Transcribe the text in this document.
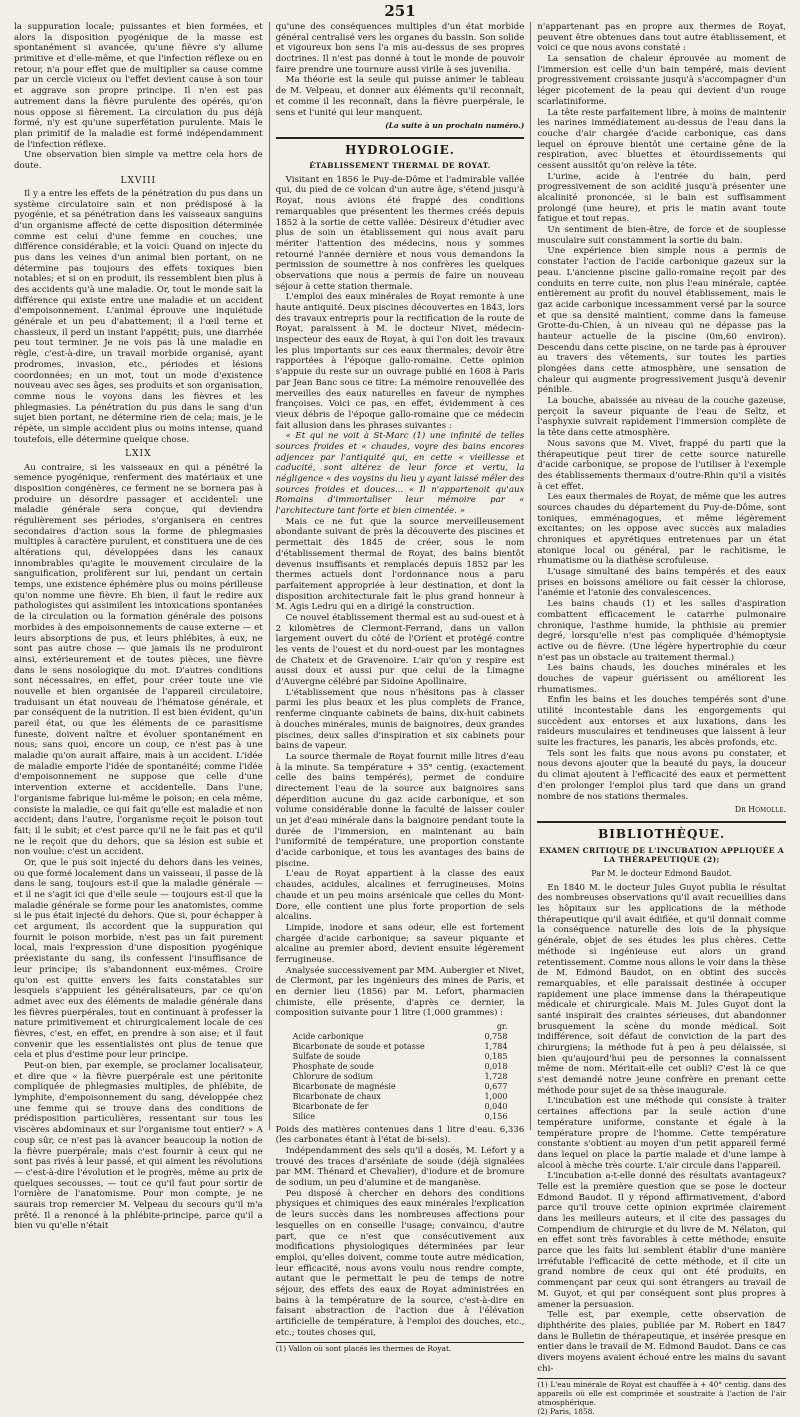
251

la suppuration locale; puissantes et bien formées, et alors la disposition pyogénique de la masse est spontanément si avancée, qu'une fièvre s'y allume primitive et d'elle-même, et que l'infection réflexe ou en retour, n'a pour effet que de multiplier sa cause comme par un cercle vicieux ou l'effet devient cause à son tour et aggrave son propre principe. Il n'en est pas autrement dans la fièvre purulente des opérés, qu'on nous oppose si fièrement. La circulation du pus déjà formé, n'y est qu'une superfétation purulente. Mais le plan primitif de la maladie est formé indépendamment de l'infection réflexe.

Une observation bien simple va mettre cela hors de doute.

LXVIII

Il y a entre les effets de la pénétration du pus dans un système circulatoire sain et non prédisposé à la pyogénie, et sa pénétration dans les vaisseaux sanguins d'un organisme affecté de cette disposition déterminée comme est celui d'une femme en couches, une différence considérable, et la voici: Quand on injecte du pus dans les veines d'un animal bien portant, on ne détermine pas toujours des effets toxiques bien notables; et si on en produit, ils ressemblent bien plus à des accidents qu'à une maladie. Or, tout le monde sait la différence qui existe entre une maladie et un accident d'empoisonnement. L'animal éprouve une inquiétude générale et un peu d'abattement; il a l'œil terne et chassieux, il perd un instant l'appétit; puis, une diarrhée peu tout terminer. Je ne vois pas là une maladie en règle, c'est-à-dire, un travail morbide organisé, ayant prodromes, invasion, etc., périodes et lésions coordonnées; en un mot, tout un mode d'existence nouveau avec ses âges, ses produits et son organisation, comme nous le voyons dans les fièvres et les phlegmasies. La pénétration du pus dans le sang d'un sujet bien portant, ne détermine rien de cela; mais, je le répète, un simple accident plus ou moins intense, quand toutefois, elle détermine quelque chose.

LXIX

Au contraire, si les vaisseaux en qui a pénétré la semence pyogénique, renferment des matériaux et une disposition congénères, ce ferment ne se bornera pas à produire un désordre passager et accidentel: une maladie générale sera conçue, qui deviendra régulièrement ses périodes, s'organisera en centres secondaires d'action sous la forme de phlegmasies multiples à caractère purulent, et constituera une de ces altérations qui, développées dans les canaux innombrables qu'agite le mouvement circulaire de la sanguification, prolifèrent sur lui, pendant un certain temps, une existence éphémère plus ou moins périlleuse qu'on nomme une fièvre. Eh bien, il faut le redire aux pathologistes qui assimilent les intoxications spontanées de la circulation ou la formation générale des poisons morbides à des empoisonnements de cause externe — et leurs absorptions de pus, et leurs phlébites, à eux, ne sont pas autre chose — que jamais ils ne produiront ainsi, extérieurement et de toutes pièces, une fièvre dans le sens nosologique du mot. D'autres conditions sont nécessaires, en effet, pour créer toute une vie nouvelle et bien organisée de l'appareil circulatoire, traduisant un état nouveau de l'hématose générale, et par conséquent de la nutrition. Il est bien évident, qu'un pareil état, ou que les éléments de ce parasitisme funeste, doivent naître et évoluer spontanément en nous; sans quoi, encore un coup, ce n'est pas à une maladie qu'on aurait affaire, mais à un accident. L'idée de maladie emporte l'idée de spontanéité; comme l'idée d'empoisonnement ne suppose que celle d'une intervention externe et accidentelle. Dans l'une, l'organisme fabrique lui-même le poison; en cela même, consiste la maladie, ce qui fait qu'elle est maladie et non accident; dans l'autre, l'organisme reçoit le poison tout fait; il le subit; et c'est parce qu'il ne le fait pas et qu'il ne le reçoit que du dehors, que sa lésion est subie et non voulue: c'est un accident.

Or, que le pus soit injecté du dehors dans les veines, ou que formé localement dans un vaisseau, il passe de là dans le sang, toujours est-il que la maladie générale — et il ne s'agit ici que d'elle seule — toujours est-il que la maladie générale se forme pour les anatomistes, comme si le pus était injecté du dehors. Que si, pour échapper à cet argument, ils accordent que la suppuration qui fournit le poison morbide, n'est pas un fait purement local, mais l'expression d'une disposition pyogénique préexistante du sang, ils confessent l'insuffisance de leur principe; ils s'abandonnent eux-mêmes. Croire qu'on est quitte envers les faits constatables sur lesquels s'appuient les généralisateurs, par ce qu'on admet avec eux des éléments de maladie générale dans les fièvres puerpérales, tout en continuant à professer la nature primitivement et chirurgicalement locale de ces fièvres, c'est, en effet, en prendre à son aise; et il faut convenir que les essentialistes ont plus de tenue que cela et plus d'estime pour leur principe.

Peut-on bien, par exemple, se proclamer localisateur, et dire que « la fièvre puerpérale est une péritonite compliquée de phlegmasies multiples, de phlébite, de lymphite, d'empoisonnement du sang, développée chez une femme qui se trouve dans des conditions de prédisposition particulières, ressentant sur tous les viscères abdominaux et sur l'organisme tout entier? » A coup sûr, ce n'est pas là avancer beaucoup la notion de la fièvre puerpérale; mais c'est fournir à ceux qui ne sont pas rivés à leur passé, et qui aiment les révolutions — c'est-à-dire l'évolution et le progrès, même au prix de quelques secousses, — tout ce qu'il faut pour sortir de l'ornière de l'anatomisme. Pour mon compte, je ne saurais trop remercier M. Velpeau du secours qu'il m'a prêté. Il a renoncé à la phlébite-principe, parce qu'il a bien vu qu'elle n'était

qu'une des conséquences multiples d'un état morbide général centralisé vers les organes du bassin. Son solide et vigoureux bon sens l'a mis au-dessus de ses propres doctrines. Il n'est pas donné à tout le monde de pouvoir faire prendre une tournure aussi virile à ses juvenilia.

Ma théorie est la seule qui puisse animer le tableau de M. Velpeau, et donner aux éléments qu'il reconnaît, et comme il les reconnaît, dans la fièvre puerpérale, le sens et l'unité qui leur manquent.

(La suite à un prochain numéro.)
HYDROLOGIE.
ÉTABLISSEMENT THERMAL DE ROYAT.

Visitant en 1856 le Puy-de-Dôme et l'admirable vallée qui, du pied de ce volcan d'un autre âge, s'étend jusqu'à Royat, nous avions été frappé des conditions remarquables que présentent les thermes créés depuis 1852 à la sortie de cette vallée. Désireux d'étudier avec plus de soin un établissement qui nous avait paru mériter l'attention des médecins, nous y sommes retourné l'année dernière et nous vous demandons la permission de soumettre à nos confrères les quelques observations que nous a permis de faire un nouveau séjour à cette station thermale.

L'emploi des eaux minérales de Royat remonte à une haute antiquité. Deux piscines découvertes en 1843, lors des travaux entrepris pour la rectification de la route de Royat, paraissent à M. le docteur Nivet, médecin-inspecteur des eaux de Royat, à qui l'on doit les travaux les plus importants sur ces eaux thermales, devoir être rapportées à l'époque gallo-romaine. Cette opinion s'appuie du reste sur un ouvrage publié en 1608 à Paris par Jean Banc sous ce titre: La mémoire renouvellée des merveilles des eaux naturelles en faveur de nymphes françoises. Voici ce pas, en effet, évidemment à ces vieux débris de l'époque gallo-romaine que ce médecin fait allusion dans les phrases suivantes :

« Et qui ne voit à St-Marc (1) une infinité de telles sources froides et « chaudes, voyre des bains encores adjencez par l'antiquité qui, en cette « vieillesse et caducité, sont altérez de leur force et vertu, la négligence « des voysins du lieu y ayant laissé mêler des sources froides et douces... « Il n'appartenoit qu'aux Romains d'immortaliser leur mémoire par « l'architecture tant forte et bien cimentée. »

Mais ce ne fut que la source merveilleusement abondante suivant de près la découverte des piscines et permettait dès 1845 de créer, sous le nom d'établissement thermal de Royat, des bains bientôt devenus insuffisants et remplacés depuis 1852 par les thermes actuels dont l'ordonnance nous a paru parfaitement appropriée à leur destination, et dont la disposition architecturale fait le plus grand honneur à M. Agis Ledru qui en a dirigé la construction.

Ce nouvel établissement thermal est au sud-ouest et à 2 kilomètres de Clermont-Ferrand, dans un vallon largement ouvert du côté de l'Orient et protégé contre les vents de l'ouest et du nord-ouest par les montagnes de Chateix et de Gravenoire. L'air qu'on y respire est aussi doux et aussi pur que celui de la Limagne d'Auvergne célébré par Sidoine Apollinaire.

L'établissement que nous n'hésitons pas à classer parmi les plus beaux et les plus complets de France, renferme cinquante cabinets de bains, dix-huit cabinets à douches minérales, munis de baignoires, deux grandes piscines, deux salles d'inspiration et six cabinets pour bains de vapeur.

La source thermale de Royat fournit mille litres d'eau à la minute. Sa température + 35° centig. (exactement celle des bains tempérés), permet de conduire directement l'eau de la source aux baignoires sans déperdition aucune du gaz acide carbonique, et son volume considérable donne la faculté de laisser couler un jet d'eau minérale dans la baignoire pendant toute la durée de l'immersion, en maintenant au bain l'uniformité de température, une proportion constante d'acide carbonique, et tous les avantages des bains de piscine.

L'eau de Royat appartient à la classe des eaux chaudes, acidules, alcalines et ferrugineuses. Moins chaude et un peu moins arsénicale que celles du Mont-Dore, elle contient une plus forte proportion de sels alcalins.

Limpide, inodore et sans odeur, elle est fortement chargée d'acide carbonique; sa saveur piquante et alcaline au premier abord, devient ensuite légèrement ferrugineuse.

Analysée successivement par MM. Aubergier et Nivet, de Clermont, par les ingénieurs des mines de Paris, et en dernier lieu (1856) par M. Lefort, pharmacien chimiste, elle présente, d'après ce dernier, la composition suivante pour 1 litre (1,000 grammes) :

	gr.
Acide carbonique	0,758
Bicarbonate de soude et potasse	1,784
Sulfate de soude	0,185
Phosphate de soude	0,018
Chlorure de sodium	1,728
Bicarbonate de magnésie	0,677
Bicarbonate de chaux	1,000
Bicarbonate de fer	0,040
Silice	0,156

Poids des matières contenues dans 1 litre d'eau. 6,336 (les carbonates étant à l'état de bi-sels).

Indépendamment des sels qu'il a dosés, M. Lefort y a trouvé des traces d'arséniate de soude (déjà signalées par MM. Thénard et Chevalier), d'iodure et de bromure de sodium, un peu d'alumine et de manganèse.

Peu disposé à chercher en dehors des conditions physiques et chimiques des eaux minérales l'explication de leurs succès dans les nombreuses affections pour lesquelles on en conseille l'usage; convaincu, d'autre part, que ce n'est que consécutivement aux modifications physiologiques déterminées par leur emploi, qu'elles doivent, comme toute autre médication, leur efficacité, nous avons voulu nous rendre compte, autant que le permettait le peu de temps de notre séjour, des effets des eaux de Royat administrées en bains à la température de la source, c'est-à-dire en faisant abstraction de l'action due à l'élévation artificielle de température, à l'emploi des douches, etc., etc.; toutes choses qui,

(1) Vallon où sont placés les thermes de Royat.

n'appartenant pas en propre aux thermes de Royat, peuvent être obtenues dans tout autre établissement, et voici ce que nous avons constaté :

La sensation de chaleur éprouvée au moment de l'immersion est celle d'un bain tempéré, mais devient progressivement croissante jusqu'à s'accompagner d'un léger picotement de la peau qui devient d'un rouge scarlatiniforme.

La tête reste parfaitement libre, à moins de maintenir les narines immédiatement au-dessus de l'eau dans la couche d'air chargée d'acide carbonique, cas dans lequel on éprouve bientôt une certaine gêne de la respiration, avec bluettes et étourdissements qui cessent aussitôt qu'on relève la tête.

L'urine, acide à l'entrée du bain, perd progressivement de son acidité jusqu'à présenter une alcalinité prononcée, si le bain est suffisamment prolongé (une heure), et pris le matin avant toute fatigue et tout repas.

Un sentiment de bien-être, de force et de souplesse musculaire suit constamment la sortie du bain.

Une expérience bien simple nous a permis de constater l'action de l'acide carbonique gazeux sur la peau. L'ancienne piscine gallo-romaine reçoit par des conduits en terre cuite, non plus l'eau minérale, captée entièrement au profit du nouvel établissement, mais le gaz acide carbonique incessamment versé par la source et que sa densité maintient, comme dans la fameuse Grotte-du-Chien, à un niveau qui ne dépasse pas la hauteur actuelle de la piscine (0m,60 environ). Descendu dans cette piscine, on ne tarde pas à éprouver au travers des vêtements, sur toutes les parties plongées dans cette atmosphère, une sensation de chaleur qui augmente progressivement jusqu'à devenir pénible.

La bouche, abaissée au niveau de la couche gazeuse, perçoit la saveur piquante de l'eau de Seltz, et l'asphyxie suivrait rapidement l'immersion complète de la tête dans cette atmosphère.

Nous savons que M. Vivet, frappé du parti que la thérapeutique peut tirer de cette source naturelle d'acide carbonique, se propose de l'utiliser à l'exemple des établissements thermaux d'outre-Rhin qu'il a visités à cet effet.

Les eaux thermales de Royat, de même que les autres sources chaudes du département du Puy-de-Dôme, sont toniques, emménagogues, et même légèrement excitantes; on les oppose avec succès aux maladies chroniques et apyrétiques entretenues par un état atonique local ou général, par le rachitisme, le rhumatisme ou la diathèse scrofuleuse.

L'usage simultané des bains tempérés et des eaux prises en boissons améliore ou fait cesser la chlorose, l'anémie et l'atonie des convalescences.

Les bains chauds (1) et les salles d'aspiration combattent efficacement le catarrhe pulmonaire chronique, l'asthme humide, la phthisie au premier degré, lorsqu'elle n'est pas compliquée d'hémoptysie active ou de fièvre. (Une légère hypertrophie du cœur n'est pas un obstacle au traitement thermal.)

Les bains chauds, les douches minérales et les douches de vapeur guérissent ou améliorent les rhumatismes.

Enfin les bains et les douches tempérés sont d'une utilité incontestable dans les engorgements qui succèdent aux entorses et aux luxations, dans les raideurs musculaires et tendineuses que laissent à leur suite les fractures, les panaris, les abcès profonds, etc.

Tels sont les faits que nous avons pu constater, et nous devons ajouter que la beauté du pays, la douceur du climat ajoutent à l'efficacité des eaux et permettent d'en prolonger l'emploi plus tard que dans un grand nombre de nos stations thermales.

Dr Homolle.
BIBLIOTHÈQUE.
EXAMEN CRITIQUE DE L'INCUBATION APPLIQUÉE A LA THÉRAPEUTIQUE (2);
Par M. le docteur Edmond Baudot.

En 1840 M. le docteur Jules Guyot publia le résultat des nombreuses observations qu'il avait recueillies dans les hôpitaux sur les applications de la méthode thérapeutique qu'il avait édifiée, et qu'il donnait comme la conséquence naturelle des lois de la physique générale, objet de ses études les plus chères. Cette méthode si ingénieuse eut alors un grand retentissement. Comme nous allons le voir dans la thèse de M. Edmond Baudot, on en obtint des succès remarquables, et elle paraissait destinée à occuper rapidement une place immense dans la thérapeutique médicale et chirurgicale. Mais M. Jules Guyot dont la santé inspirait des craintes sérieuses, dut abandonner brusquement la scène du monde médical. Soit indifférence, soit défaut de conviction de la part des chirurgiens; la méthode fut à peu à peu délaissée, si bien qu'aujourd'hui peu de personnes la connaissent même de nom. Méritait-elle cet oubli? C'est là ce que s'est demandé notre jeune confrère en prenant cette méthode pour sujet de sa thèse inaugurale.

L'incubation est une méthode qui consiste à traiter certaines affections par la seule action d'une température uniforme, constante et égale à la température propre de l'homme. Cette température constante s'obtient au moyen d'un petit appareil fermé dans lequel on place la partie malade et d'une lampe à alcool à mèche très courte. L'air circule dans l'appareil.

L'incubation a-t-elle donné des résultats avantageux? Telle est la première question que se pose le docteur Edmond Baudot. Il y répond affirmativement, d'abord parce qu'il trouve cette opinion exprimée clairement dans les meilleurs auteurs, et il cite des passages du Compendium de chirurgie et du livre de M. Nélaton, qui en effet sont très favorables à cette méthode; ensuite parce que les faits lui semblent établir d'une manière irréfutable l'efficacité de cette méthode, et il cite un grand nombre de ceux qui ont été produits, en commençant par ceux qui sont étrangers au travail de M. Guyot, et qui par conséquent sont plus propres à amener la persuasion.

Telle est, par exemple, cette observation de diphthérite des plaies, publiée par M. Robert en 1847 dans le Bulletin de thérapeutique, et insérée presque en entier dans le travail de M. Edmond Baudot. Dans ce cas divers moyens avaient échoué entre les mains du savant chi-

(1) L'eau minérale de Royat est chauffée à + 40° centig. dans des appareils où elle est comprimée et soustraite à l'action de l'air atmosphérique.
(2) Paris, 1858.
